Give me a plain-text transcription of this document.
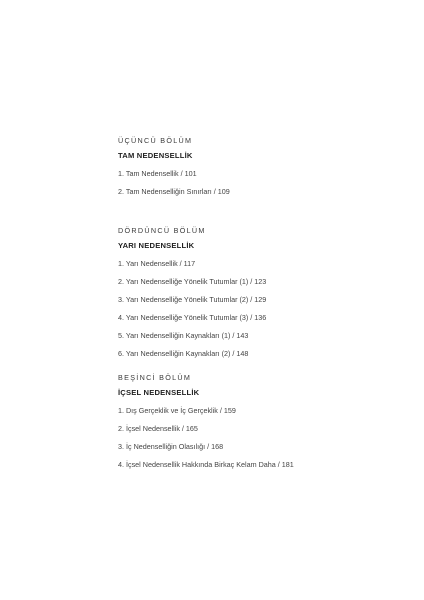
ÜÇÜNCÜ BÖLÜM
TAM NEDENSELLİK
1. Tam Nedensellik / 101
2. Tam Nedenselliğin Sınırları / 109
DÖRDÜNCÜ BÖLÜM
YARI NEDENSELLİK
1. Yarı Nedensellik / 117
2. Yarı Nedenselliğe Yönelik Tutumlar (1) / 123
3. Yarı Nedenselliğe Yönelik Tutumlar (2) / 129
4. Yarı Nedenselliğe Yönelik Tutumlar (3) / 136
5. Yarı Nedenselliğin Kaynakları (1) / 143
6. Yarı Nedenselliğin Kaynakları (2) / 148
BEŞİNCİ BÖLÜM
İÇSEL NEDENSELLİK
1. Dış Gerçeklik ve İç Gerçeklik / 159
2. İçsel Nedensellik / 165
3. İç Nedenselliğin Olasılığı / 168
4. İçsel Nedensellik Hakkında Birkaç Kelam Daha / 181
